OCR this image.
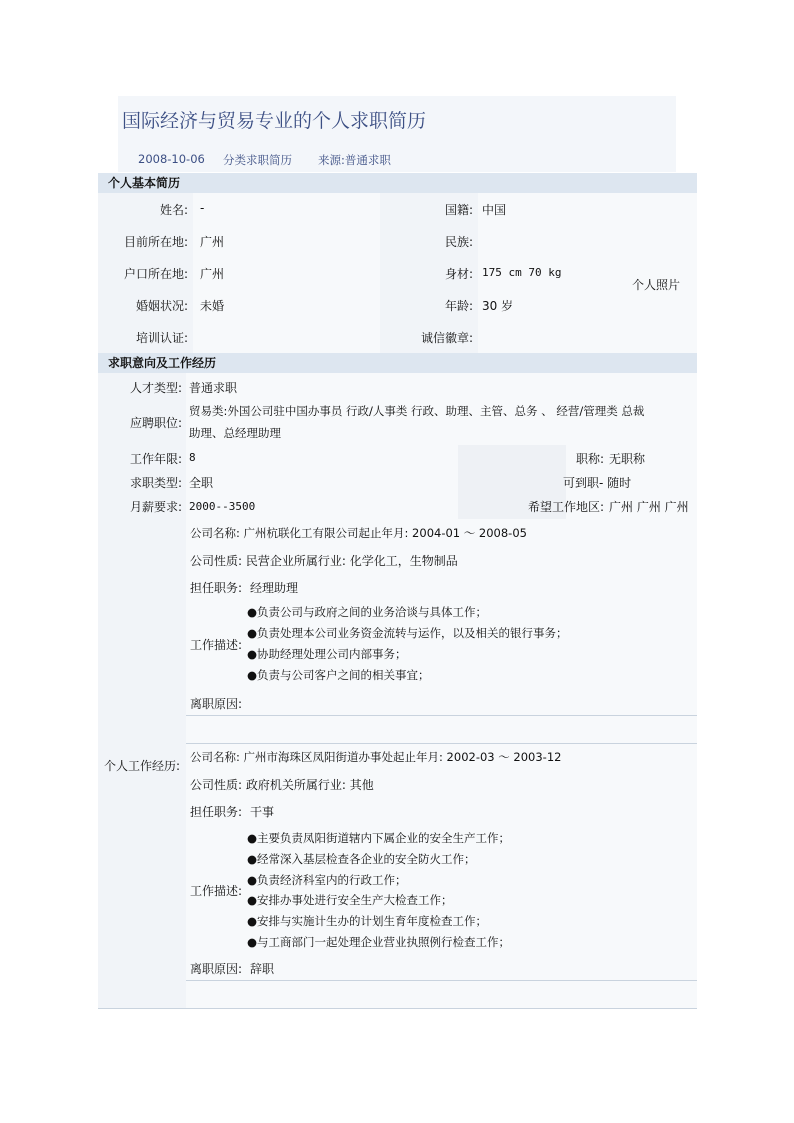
国际经济与贸易专业的个人求职简历
2008-10-06 分类求职简历 来源:普通求职
个人基本简历
个人照片
姓名: -	国籍: 中国
目前所在地: 广州	民族:
户口所在地: 广州	身材: 175 cm 70 kg
婚姻状况: 未婚	年龄: 30 岁
培训认证:	诚信徽章:
求职意向及工作经历
人才类型: 普通求职
应聘职位:
贸易类:外国公司驻中国办事员 行政/人事类 行政、助理、主管、总务 、 经营/管理类 总裁
助理、总经理助理
工作年限: 8	职称: 无职称
求职类型: 全职	可到职- 随时
月薪要求: 2000--3500	希望工作地区: 广州 广州 广州
个人工作经历:
公司名称: 广州杭联化工有限公司起止年月: 2004-01 ～ 2008-05
公司性质: 民营企业所属行业: 化学化工，生物制品
担任职务: 经理助理
工作描述:
●负责公司与政府之间的业务洽谈与具体工作；
●负责处理本公司业务资金流转与运作，以及相关的银行事务；
●协助经理处理公司内部事务；
●负责与公司客户之间的相关事宜；
离职原因:
公司名称: 广州市海珠区凤阳街道办事处起止年月: 2002-03 ～ 2003-12
公司性质: 政府机关所属行业: 其他
担任职务: 干事
工作描述:
●主要负责凤阳街道辖内下属企业的安全生产工作；
●经常深入基层检查各企业的安全防火工作；
●负责经济科室内的行政工作；
●安排办事处进行安全生产大检查工作；
●安排与实施计生办的计划生育年度检查工作；
●与工商部门一起处理企业营业执照例行检查工作；
离职原因: 辞职
